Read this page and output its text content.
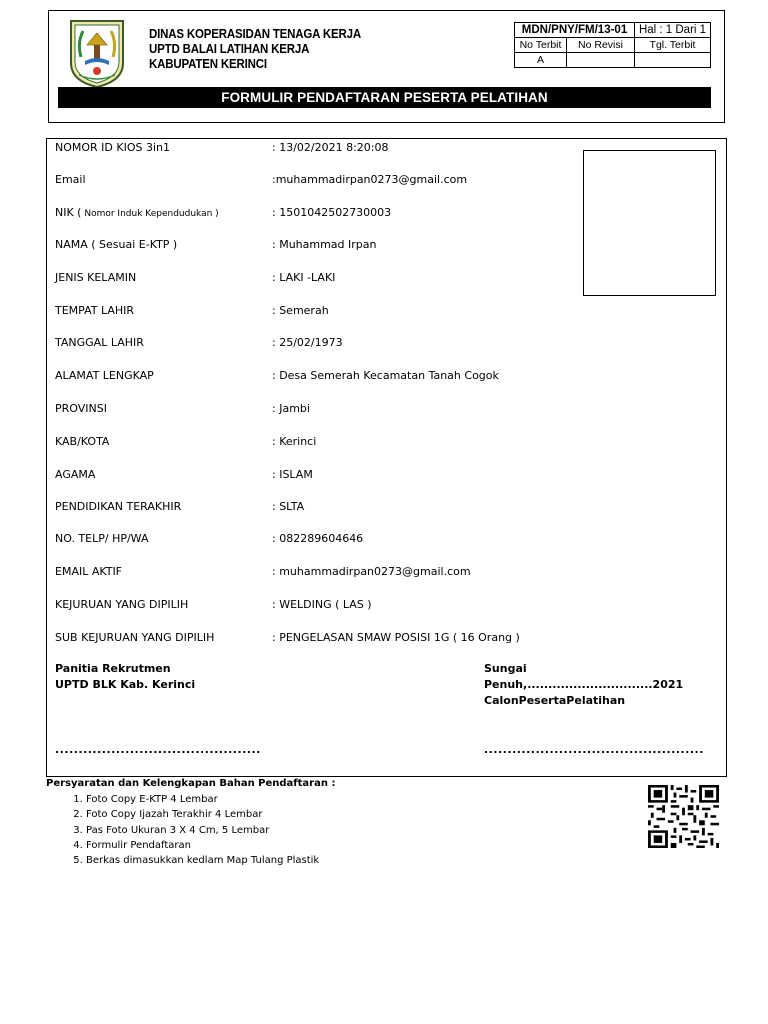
DINAS KOPERASIDAN TENAGA KERJA
UPTD BALAI LATIHAN KERJA
KABUPATEN KERINCI
MDN/PNY/FM/13-01		Hal : 1 Dari 1
No Terbit	No Revisi	Tgl. Terbit
A		
FORMULIR PENDAFTARAN PESERTA PELATIHAN
NOMOR ID KIOS 3in1	: 13/02/2021 8:20:08
Email	:muhammadirpan0273@gmail.com
NIK ( Nomor Induk Kependudukan )	: 1501042502730003
NAMA ( Sesuai E-KTP )	: Muhammad Irpan
JENIS KELAMIN	: LAKI -LAKI
TEMPAT LAHIR	: Semerah
TANGGAL LAHIR	: 25/02/1973
ALAMAT LENGKAP	: Desa Semerah Kecamatan Tanah Cogok
PROVINSI	: Jambi
KAB/KOTA	: Kerinci
AGAMA	: ISLAM
PENDIDIKAN TERAKHIR	: SLTA
NO. TELP/ HP/WA	: 082289604646
EMAIL AKTIF	: muhammadirpan0273@gmail.com
KEJURUAN YANG DIPILIH	: WELDING ( LAS )
SUB KEJURUAN YANG DIPILIH	: PENGELASAN SMAW POSISI 1G ( 16 Orang )
Panitia Rekrutmen
UPTD BLK Kab. Kerinci
Sungai Penuh,..............................2021
CalonPesertaPelatihan
............................................	...............................................
Persyaratan dan Kelengkapan Bahan Pendaftaran :
1. Foto Copy E-KTP 4 Lembar
2. Foto Copy Ijazah Terakhir 4 Lembar
3. Pas Foto Ukuran 3 X 4 Cm, 5 Lembar
4. Formulir Pendaftaran
5. Berkas dimasukkan kedlam Map Tulang Plastik
